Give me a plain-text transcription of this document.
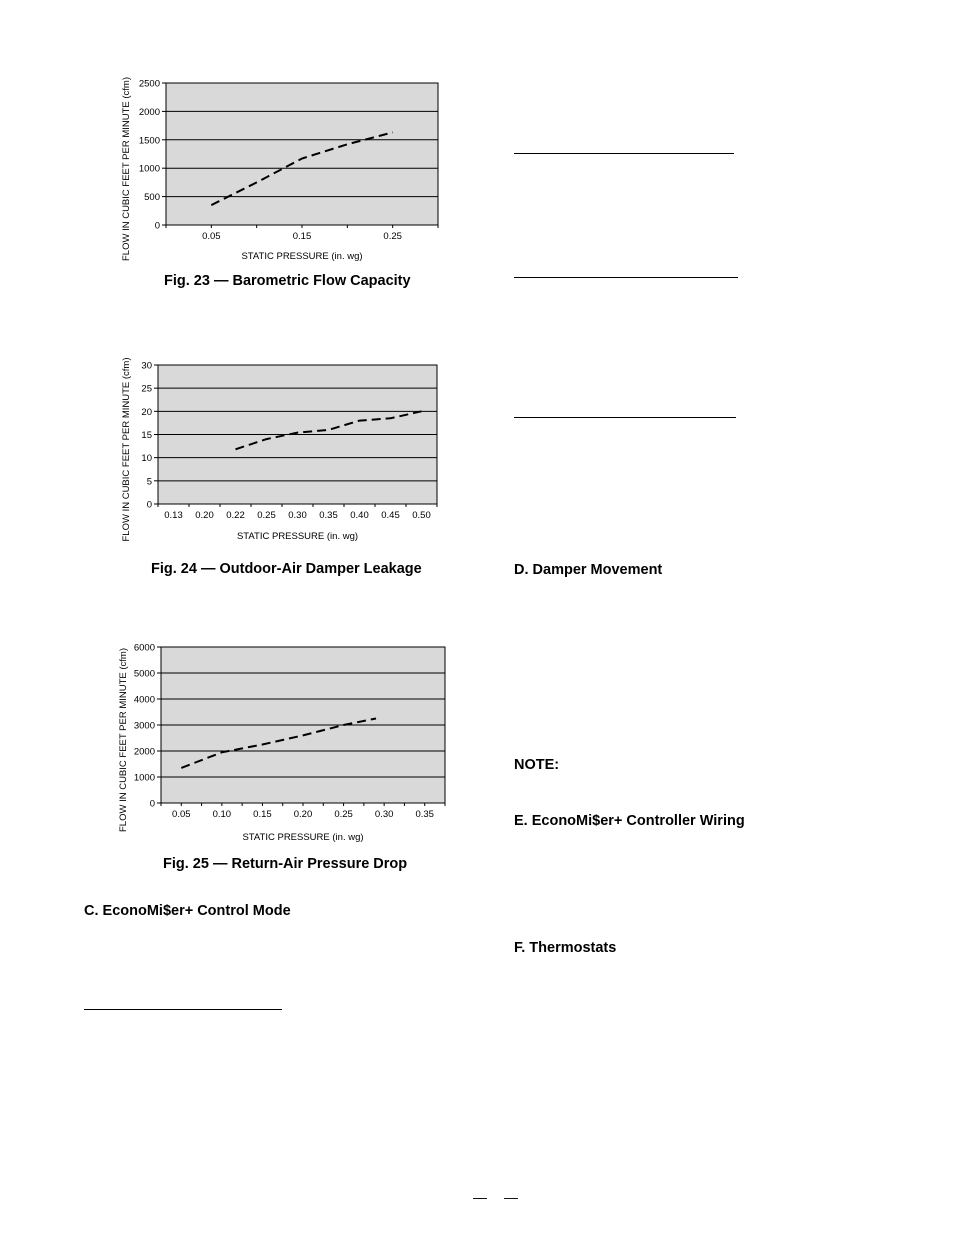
0
500
1000
1500
2000
2500
0.05	0.15	0.25
STATIC PRESSURE (in. wg)
FLOW IN CUBIC FEET PER MINUTE (cfm)
Fig. 23 — Barometric Flow Capacity
0
5
10
15
20
25
30
0.13 0.20 0.22 0.25 0.30 0.35 0.40 0.45 0.50
STATIC PRESSURE (in. wg)
FLOW IN CUBIC FEET PER MINUTE (cfm)
Fig. 24 — Outdoor-Air Damper Leakage
0
1000
2000
3000
4000
5000
6000
0.05 0.10 0.15 0.20 0.25 0.30 0.35
STATIC PRESSURE (in. wg)
FLOW IN CUBIC FEET PER MINUTE (cfm)
Fig. 25 — Return-Air Pressure Drop
C. EconoMi$er+ Control Mode
D. Damper Movement
NOTE:
E. EconoMi$er+ Controller Wiring
F. Thermostats
— —
